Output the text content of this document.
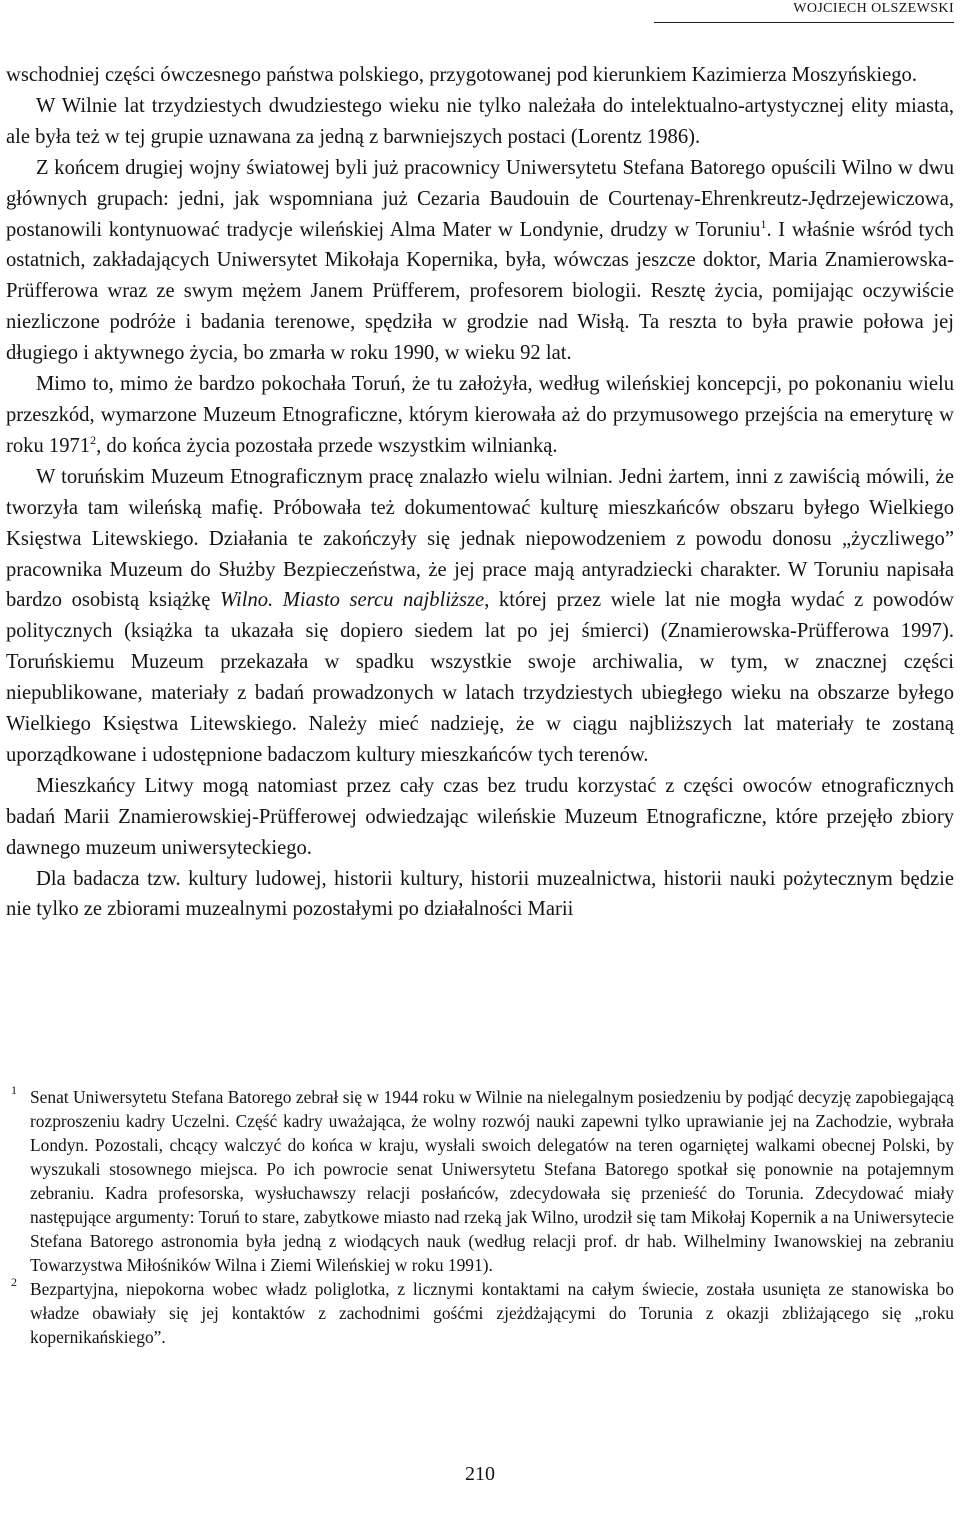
WOJCIECH OLSZEWSKI

wschodniej części ówczesnego państwa polskiego, przygotowanej pod kierunkiem Kazimierza Moszyńskiego.

W Wilnie lat trzydziestych dwudziestego wieku nie tylko należała do intelektualno-artystycznej elity miasta, ale była też w tej grupie uznawana za jedną z barwniejszych postaci (Lorentz 1986).

Z końcem drugiej wojny światowej byli już pracownicy Uniwersytetu Stefana Batorego opuścili Wilno w dwu głównych grupach: jedni, jak wspomniana już Cezaria Baudouin de Courtenay-Ehrenkreutz-Jędrzejewiczowa, postanowili kontynuować tradycje wileńskiej Alma Mater w Londynie, drudzy w Toruniu$^1$. I właśnie wśród tych ostatnich, zakładających Uniwersytet Mikołaja Kopernika, była, wówczas jeszcze doktor, Maria Znamierowska-Prüfferowa wraz ze swym mężem Janem Prüfferem, profesorem biologii. Resztę życia, pomijając oczywiście niezliczone podróże i badania terenowe, spędziła w grodzie nad Wisłą. Ta reszta to była prawie połowa jej długiego i aktywnego życia, bo zmarła w roku 1990, w wieku 92 lat.

Mimo to, mimo że bardzo pokochała Toruń, że tu założyła, według wileńskiej koncepcji, po pokonaniu wielu przeszkód, wymarzone Muzeum Etnograficzne, którym kierowała aż do przymusowego przejścia na emeryturę w roku 1971$^2$, do końca życia pozostała przede wszystkim wilnianką.

W toruńskim Muzeum Etnograficznym pracę znalazło wielu wilnian. Jedni żartem, inni z zawiścią mówili, że tworzyła tam wileńską mafię. Próbowała też dokumentować kulturę mieszkańców obszaru byłego Wielkiego Księstwa Litewskiego. Działania te zakończyły się jednak niepowodzeniem z powodu donosu „życzliwego” pracownika Muzeum do Służby Bezpieczeństwa, że jej prace mają antyradziecki charakter. W Toruniu napisała bardzo osobistą książkę Wilno. Miasto sercu najbliższe, której przez wiele lat nie mogła wydać z powodów politycznych (książka ta ukazała się dopiero siedem lat po jej śmierci) (Znamierowska-Prüfferowa 1997). Toruńskiemu Muzeum przekazała w spadku wszystkie swoje archiwalia, w tym, w znacznej części niepublikowane, materiały z badań prowadzonych w latach trzydziestych ubiegłego wieku na obszarze byłego Wielkiego Księstwa Litewskiego. Należy mieć nadzieję, że w ciągu najbliższych lat materiały te zostaną uporządkowane i udostępnione badaczom kultury mieszkańców tych terenów.

Mieszkańcy Litwy mogą natomiast przez cały czas bez trudu korzystać z części owoców etnograficznych badań Marii Znamierowskiej-Prüfferowej odwiedzając wileńskie Muzeum Etnograficzne, które przejęło zbiory dawnego muzeum uniwersyteckiego.

Dla badacza tzw. kultury ludowej, historii kultury, historii muzealnictwa, historii nauki pożytecznym będzie nie tylko ze zbiorami muzealnymi pozostałymi po działalności Marii

1 Senat Uniwersytetu Stefana Batorego zebrał się w 1944 roku w Wilnie na nielegalnym posiedzeniu by podjąć decyzję zapobiegającą rozproszeniu kadry Uczelni. Część kadry uważająca, że wolny rozwój nauki zapewni tylko uprawianie jej na Zachodzie, wybrała Londyn. Pozostali, chcący walczyć do końca w kraju, wysłali swoich delegatów na teren ogarniętej walkami obecnej Polski, by wyszukali stosownego miejsca. Po ich powrocie senat Uniwersytetu Stefana Batorego spotkał się ponownie na potajemnym zebraniu. Kadra profesorska, wysłuchawszy relacji posłańców, zdecydowała się przenieść do Torunia. Zdecydować miały następujące argumenty: Toruń to stare, zabytkowe miasto nad rzeką jak Wilno, urodził się tam Mikołaj Kopernik a na Uniwersytecie Stefana Batorego astronomia była jedną z wiodących nauk (według relacji prof. dr hab. Wilhelminy Iwanowskiej na zebraniu Towarzystwa Miłośników Wilna i Ziemi Wileńskiej w roku 1991).

2 Bezpartyjna, niepokorna wobec władz poliglotka, z licznymi kontaktami na całym świecie, została usunięta ze stanowiska bo władze obawiały się jej kontaktów z zachodnimi gośćmi zjeżdżającymi do Torunia z okazji zbliżającego się „roku kopernikańskiego”.

210
